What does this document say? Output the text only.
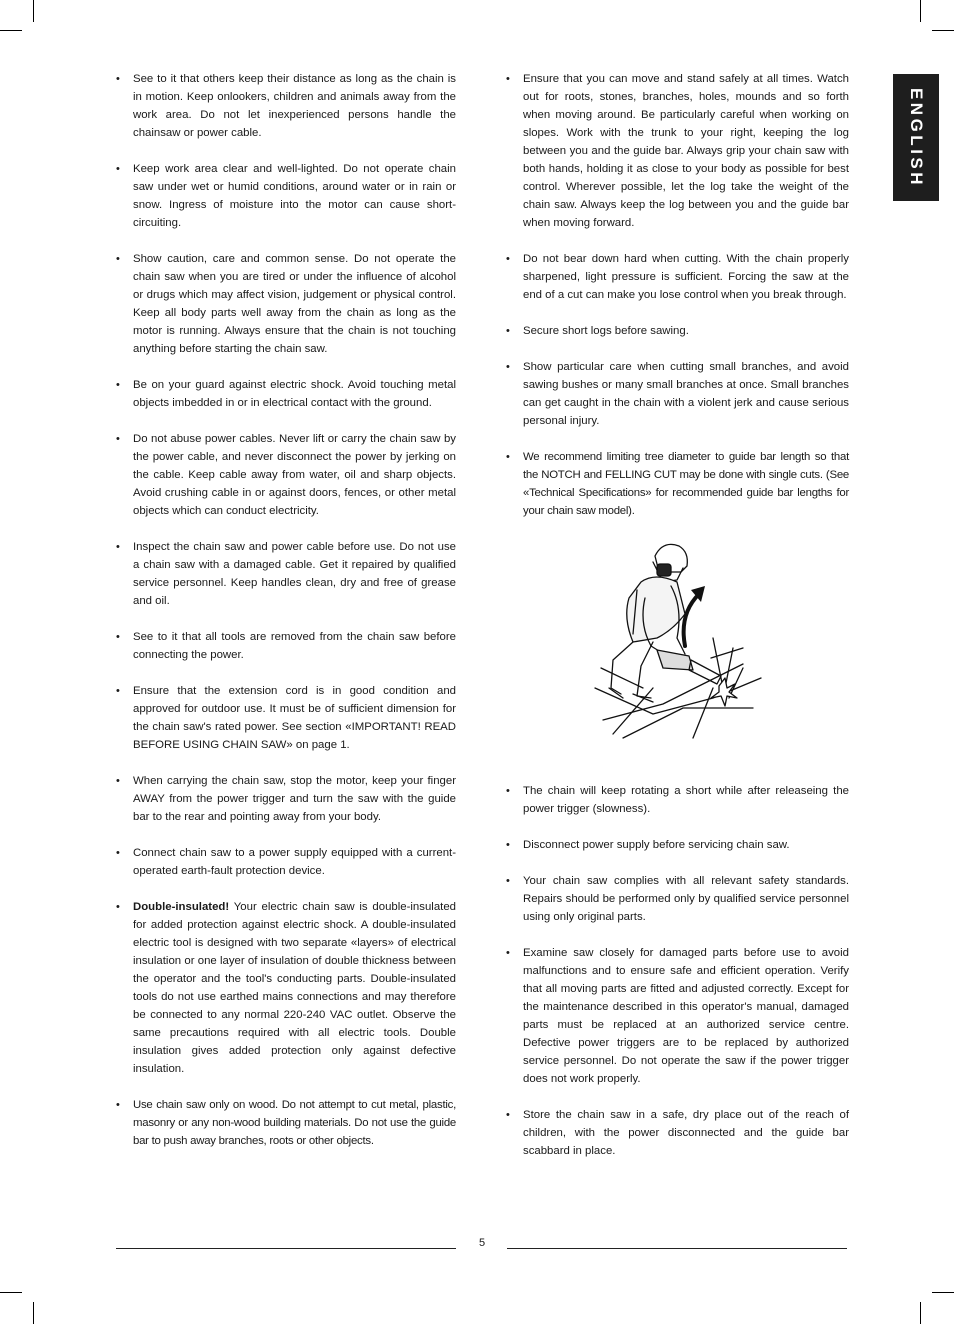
ENGLISH
• See to it that others keep their distance as long as the chain is in motion. Keep onlookers, children and animals away from the work area. Do not let inexperienced persons handle the chainsaw or power cable.
• Keep work area clear and well-lighted. Do not operate chain saw under wet or humid conditions, around water or in rain or snow. Ingress of moisture into the motor can cause short-circuiting.
• Show caution, care and common sense. Do not operate the chain saw when you are tired or under the influence of alcohol or drugs which may affect vision, judgement or physical control. Keep all body parts well away from the chain as long as the motor is running. Always ensure that the chain is not touching anything before starting the chain saw.
• Be on your guard against electric shock. Avoid touching metal objects imbedded in or in electrical contact with the ground.
• Do not abuse power cables. Never lift or carry the chain saw by the power cable, and never disconnect the power by jerking on the cable. Keep cable away from water, oil and sharp objects. Avoid crushing cable in or against doors, fences, or other metal objects which can conduct electricity.
• Inspect the chain saw and power cable before use. Do not use a chain saw with a damaged cable. Get it repaired by qualified service personnel. Keep handles clean, dry and free of grease and oil.
• See to it that all tools are removed from the chain saw before connecting the power.
• Ensure that the extension cord is in good condition and approved for outdoor use. It must be of sufficient dimension for the chain saw's rated power. See section «IMPORTANT! READ BEFORE USING CHAIN SAW» on page 1.
• When carrying the chain saw, stop the motor, keep your finger AWAY from the power trigger and turn the saw with the guide bar to the rear and pointing away from your body.
• Connect chain saw to a power supply equipped with a current-operated earth-fault protection device.
• Double-insulated! Your electric chain saw is double-insulated for added protection against electric shock. A double-insulated electric tool is designed with two separate «layers» of electrical insulation or one layer of insulation of double thickness between the operator and the tool's conducting parts. Double-insulated tools do not use earthed mains connections and may therefore be connected to any normal 220-240 VAC outlet. Observe the same precautions required with all electric tools. Double insulation gives added protection only against defective insulation.
• Use chain saw only on wood. Do not attempt to cut metal, plastic, masonry or any non-wood building materials. Do not use the guide bar to push away branches, roots or other objects.
• Ensure that you can move and stand safely at all times. Watch out for roots, stones, branches, holes, mounds and so forth when moving around. Be particularly careful when working on slopes. Work with the trunk to your right, keeping the log between you and the guide bar. Always grip your chain saw with both hands, holding it as close to your body as possible for best control. Wherever possible, let the log take the weight of the chain saw. Always keep the log between you and the guide bar when moving forward.
• Do not bear down hard when cutting. With the chain properly sharpened, light pressure is sufficient. Forcing the saw at the end of a cut can make you lose control when you break through.
• Secure short logs before sawing.
• Show particular care when cutting small branches, and avoid sawing bushes or many small branches at once. Small branches can get caught in the chain with a violent jerk and cause serious personal injury.
• We recommend limiting tree diameter to guide bar length so that the NOTCH and FELLING CUT may be done with single cuts. (See «Technical Specifications» for recommended guide bar lengths for your chain saw model).
• The chain will keep rotating a short while after releaseing the power trigger (slowness).
• Disconnect power supply before servicing chain saw.
• Your chain saw complies with all relevant safety standards. Repairs should be performed only by qualified service personnel using only original parts.
• Examine saw closely for damaged parts before use to avoid malfunctions and to ensure safe and efficient operation. Verify that all moving parts are fitted and adjusted correctly. Except for the maintenance described in this operator's manual, damaged parts must be replaced at an authorized service centre. Defective power triggers are to be replaced by authorized service personnel. Do not operate the saw if the power trigger does not work properly.
• Store the chain saw in a safe, dry place out of the reach of children, with the power disconnected and the guide bar scabbard in place.
5
